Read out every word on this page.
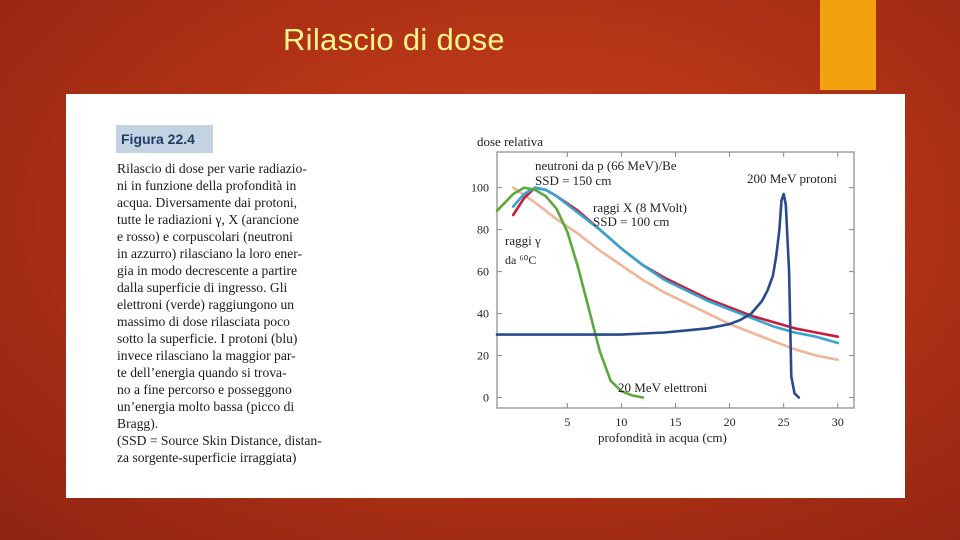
Rilascio di dose
Figura 22.4
Rilascio di dose per varie radiazio-
ni in funzione della profondità in
acqua. Diversamente dai protoni,
tutte le radiazioni γ, X (arancione
e rosso) e corpuscolari (neutroni
in azzurro) rilasciano la loro ener-
gia in modo decrescente a partire
dalla superficie di ingresso. Gli
elettroni (verde) raggiungono un
massimo di dose rilasciata poco
sotto la superficie. I protoni (blu)
invece rilasciano la maggior par-
te dell’energia quando si trova-
no a fine percorso e posseggono
un’energia molto bassa (picco di
Bragg).
(SSD = Source Skin Distance, distan-
za sorgente-superficie irraggiata)
0
20
40
60
80
100
5	10	15	20	25	30
dose relativa
profondità in acqua (cm)
neutroni da p (66 MeV)/Be
SSD = 150 cm
raggi X (8 MVolt)
SSD = 100 cm
200 MeV protoni
raggi γ
da ⁶⁰C
20 MeV elettroni
